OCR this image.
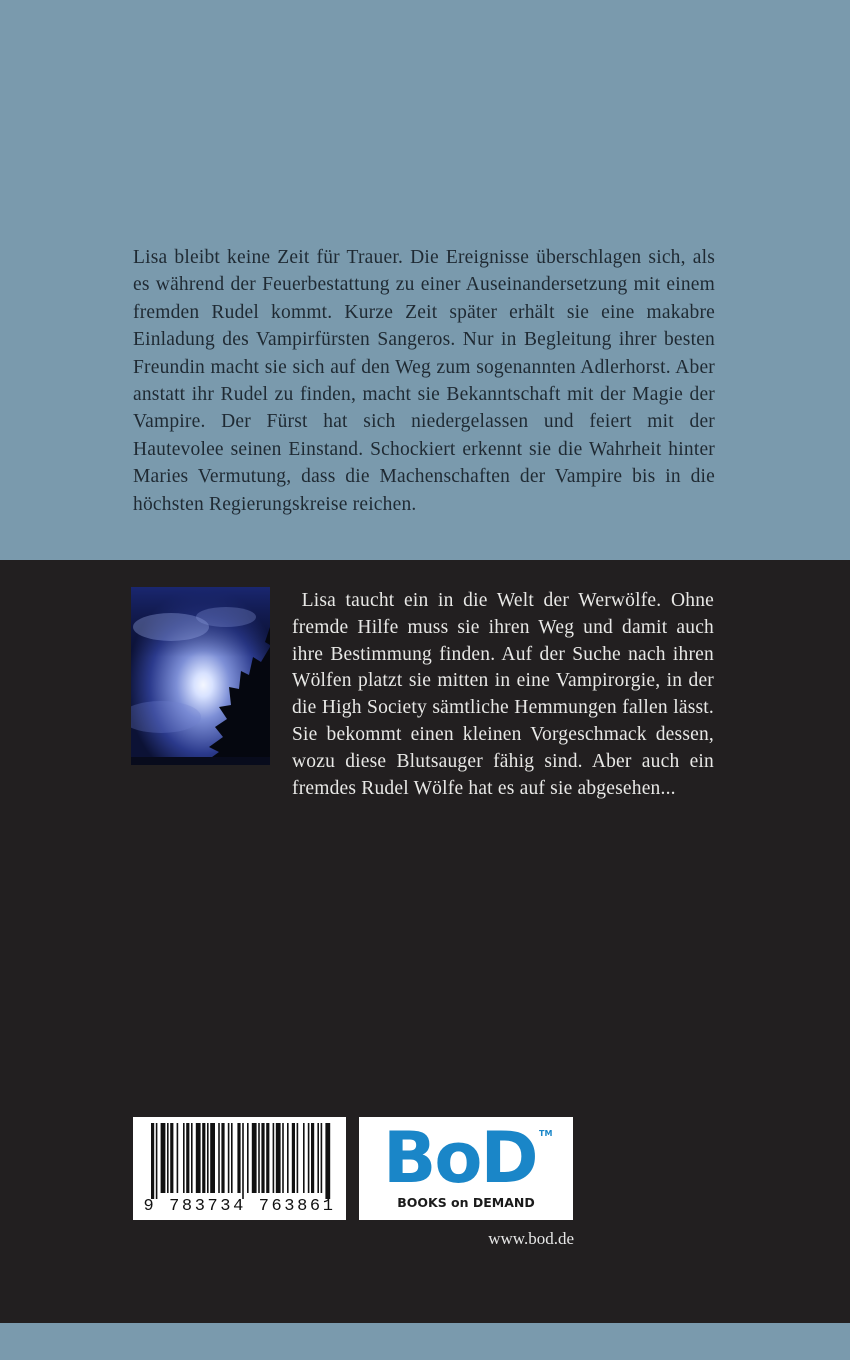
Lisa bleibt keine Zeit für Trauer. Die Ereignisse überschlagen sich, als es während der Feuerbestattung zu einer Auseinandersetzung mit einem fremden Rudel kommt. Kurze Zeit später erhält sie eine makabre Einladung des Vampirfürsten Sangeros. Nur in Begleitung ihrer besten Freundin macht sie sich auf den Weg zum sogenannten Adlerhorst. Aber anstatt ihr Rudel zu finden, macht sie Bekanntschaft mit der Magie der Vampire. Der Fürst hat sich niedergelassen und feiert mit der Hautevolee seinen Einstand. Schockiert erkennt sie die Wahrheit hinter Maries Vermutung, dass die Machenschaften der Vampire bis in die höchsten Regierungskreise reichen.
Lisa taucht ein in die Welt der Werwölfe. Ohne fremde Hilfe muss sie ihren Weg und damit auch ihre Bestimmung finden. Auf der Suche nach ihren Wölfen platzt sie mitten in eine Vampirorgie, in der die High Society sämtliche Hemmungen fallen lässt. Sie bekommt einen kleinen Vorgeschmack dessen, wozu diese Blutsauger fähig sind. Aber auch ein fremdes Rudel Wölfe hat es auf sie abgesehen...
9 783734 763861
BoD TM
BOOKS on DEMAND
www.bod.de
